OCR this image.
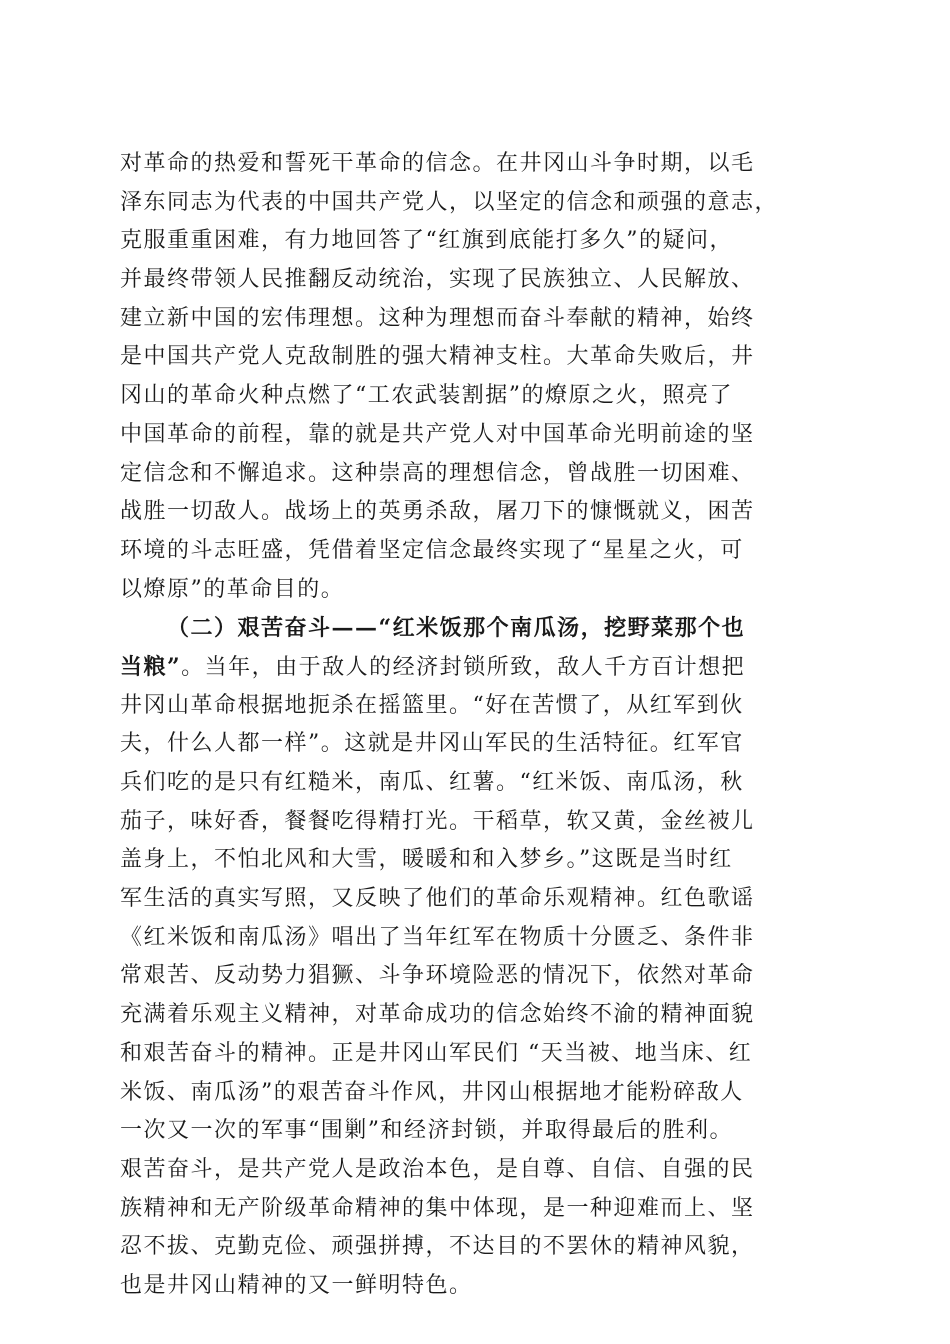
对革命的热爱和誓死干革命的信念。在井冈山斗争时期，以毛
泽东同志为代表的中国共产党人，以坚定的信念和顽强的意志，
克服重重困难，有力地回答了“红旗到底能打多久”的疑问，
并最终带领人民推翻反动统治，实现了民族独立、人民解放、
建立新中国的宏伟理想。这种为理想而奋斗奉献的精神，始终
是中国共产党人克敌制胜的强大精神支柱。大革命失败后，井
冈山的革命火种点燃了“工农武装割据”的燎原之火，照亮了
中国革命的前程，靠的就是共产党人对中国革命光明前途的坚
定信念和不懈追求。这种崇高的理想信念，曾战胜一切困难、
战胜一切敌人。战场上的英勇杀敌，屠刀下的慷慨就义，困苦
环境的斗志旺盛，凭借着坚定信念最终实现了“星星之火，可
以燎原”的革命目的。
（二）艰苦奋斗——“红米饭那个南瓜汤，挖野菜那个也
当粮”。当年，由于敌人的经济封锁所致，敌人千方百计想把
井冈山革命根据地扼杀在摇篮里。“好在苦惯了，从红军到伙
夫，什么人都一样”。这就是井冈山军民的生活特征。红军官
兵们吃的是只有红糙米，南瓜、红薯。“红米饭、南瓜汤，秋
茄子，味好香，餐餐吃得精打光。干稻草，软又黄，金丝被儿
盖身上，不怕北风和大雪，暖暖和和入梦乡。”这既是当时红
军生活的真实写照，又反映了他们的革命乐观精神。红色歌谣
《红米饭和南瓜汤》唱出了当年红军在物质十分匮乏、条件非
常艰苦、反动势力猖獗、斗争环境险恶的情况下，依然对革命
充满着乐观主义精神，对革命成功的信念始终不渝的精神面貌
和艰苦奋斗的精神。正是井冈山军民们 “天当被、地当床、红
米饭、南瓜汤”的艰苦奋斗作风，井冈山根据地才能粉碎敌人
一次又一次的军事“围剿”和经济封锁，并取得最后的胜利。
艰苦奋斗，是共产党人是政治本色，是自尊、自信、自强的民
族精神和无产阶级革命精神的集中体现，是一种迎难而上、坚
忍不拔、克勤克俭、顽强拼搏，不达目的不罢休的精神风貌，
也是井冈山精神的又一鲜明特色。
